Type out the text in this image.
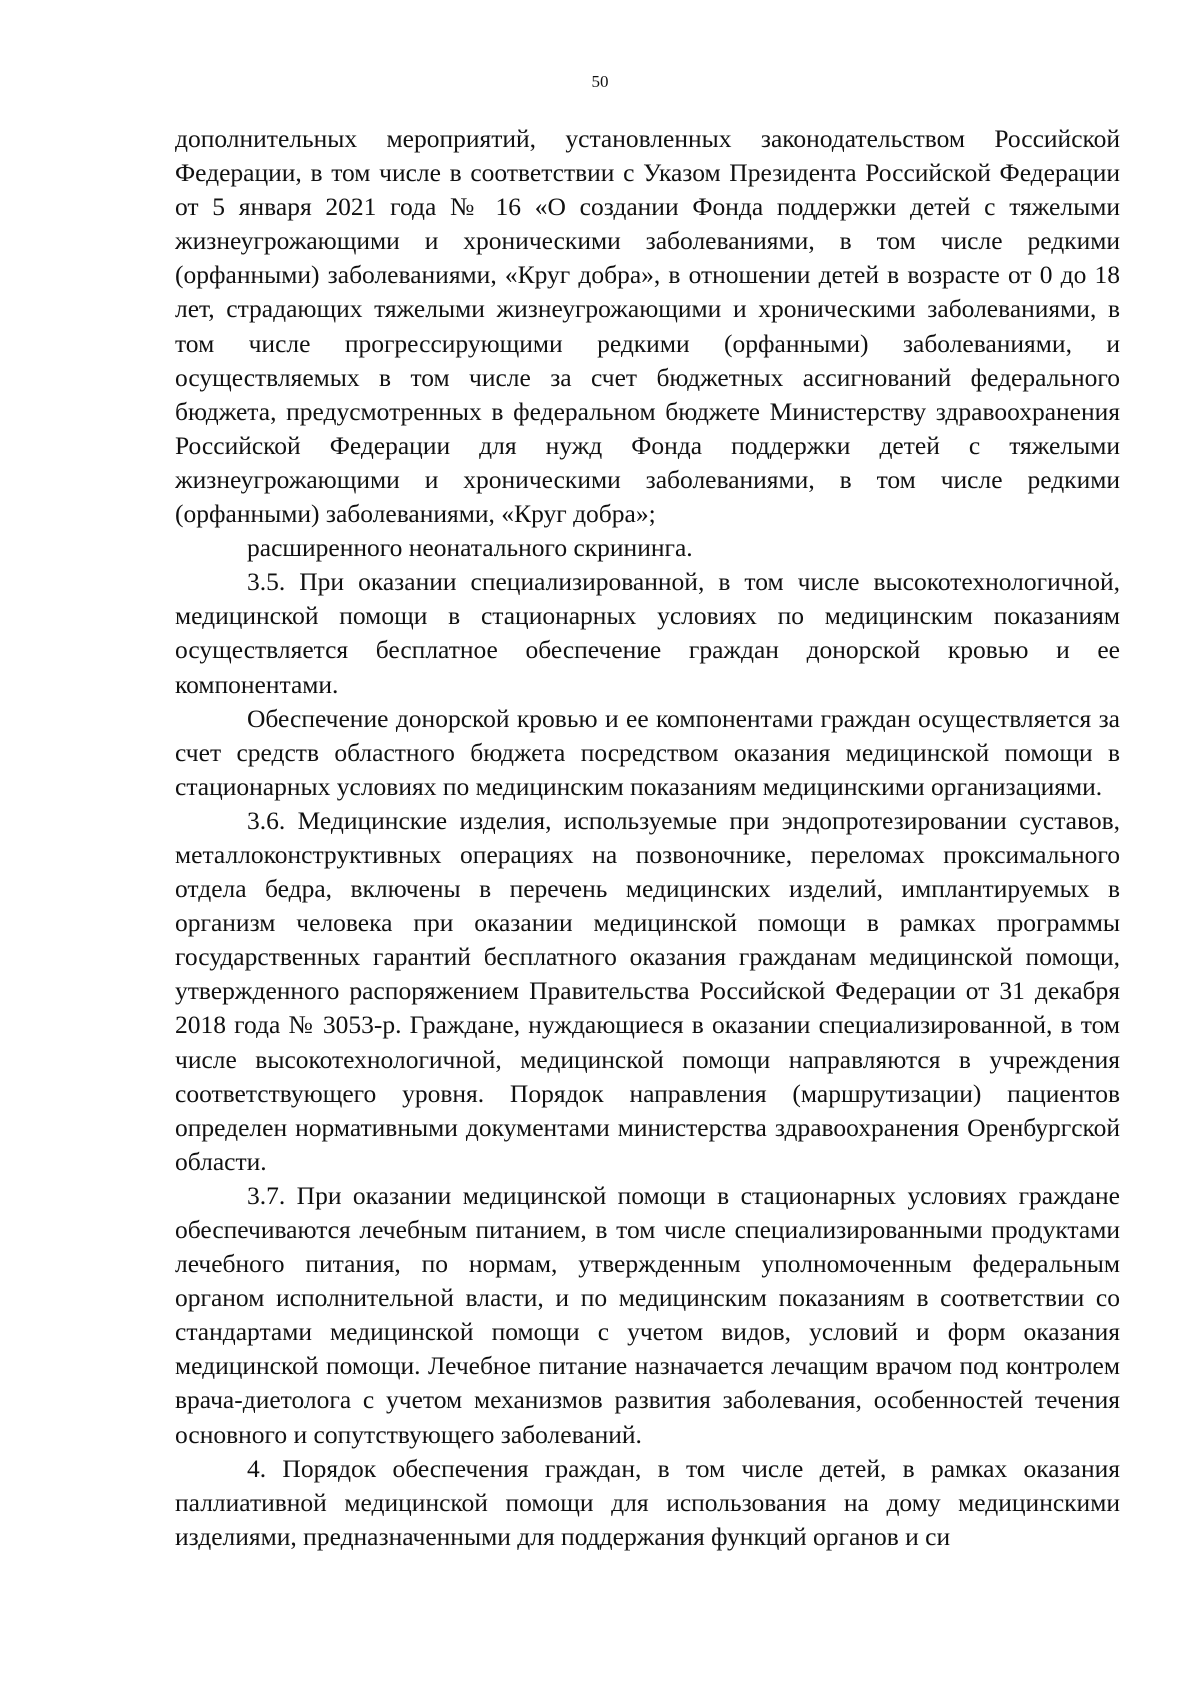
50

дополнительных мероприятий, установленных законодательством Российской Федерации, в том числе в соответствии с Указом Президента Российской Федерации от 5 января 2021 года № 16 «О создании Фонда поддержки детей с тяжелыми жизнеугрожающими и хроническими заболеваниями, в том числе редкими (орфанными) заболеваниями, «Круг добра», в отношении детей в возрасте от 0 до 18 лет, страдающих тяжелыми жизнеугрожающими и хроническими заболеваниями, в том числе прогрессирующими редкими (орфанными) заболеваниями, и осуществляемых в том числе за счет бюджетных ассигнований федерального бюджета, предусмотренных в федеральном бюджете Министерству здравоохранения Российской Федерации для нужд Фонда поддержки детей с тяжелыми жизнеугрожающими и хроническими заболеваниями, в том числе редкими (орфанными) заболеваниями, «Круг добра»;

расширенного неонатального скрининга.

3.5. При оказании специализированной, в том числе высокотехнологичной, медицинской помощи в стационарных условиях по медицинским показаниям осуществляется бесплатное обеспечение граждан донорской кровью и ее компонентами.

Обеспечение донорской кровью и ее компонентами граждан осуществляется за счет средств областного бюджета посредством оказания медицинской помощи в стационарных условиях по медицинским показаниям медицинскими организациями.

3.6. Медицинские изделия, используемые при эндопротезировании суставов, металлоконструктивных операциях на позвоночнике, переломах проксимального отдела бедра, включены в перечень медицинских изделий, имплантируемых в организм человека при оказании медицинской помощи в рамках программы государственных гарантий бесплатного оказания гражданам медицинской помощи, утвержденного распоряжением Правительства Российской Федерации от 31 декабря 2018 года № 3053-р. Граждане, нуждающиеся в оказании специализированной, в том числе высокотехнологичной, медицинской помощи направляются в учреждения соответствующего уровня. Порядок направления (маршрутизации) пациентов определен нормативными документами министерства здравоохранения Оренбургской области.

3.7. При оказании медицинской помощи в стационарных условиях граждане обеспечиваются лечебным питанием, в том числе специализированными продуктами лечебного питания, по нормам, утвержденным уполномоченным федеральным органом исполнительной власти, и по медицинским показаниям в соответствии со стандартами медицинской помощи с учетом видов, условий и форм оказания медицинской помощи. Лечебное питание назначается лечащим врачом под контролем врача-диетолога с учетом механизмов развития заболевания, особенностей течения основного и сопутствующего заболеваний.

4. Порядок обеспечения граждан, в том числе детей, в рамках оказания паллиативной медицинской помощи для использования на дому медицинскими изделиями, предназначенными для поддержания функций органов и си
